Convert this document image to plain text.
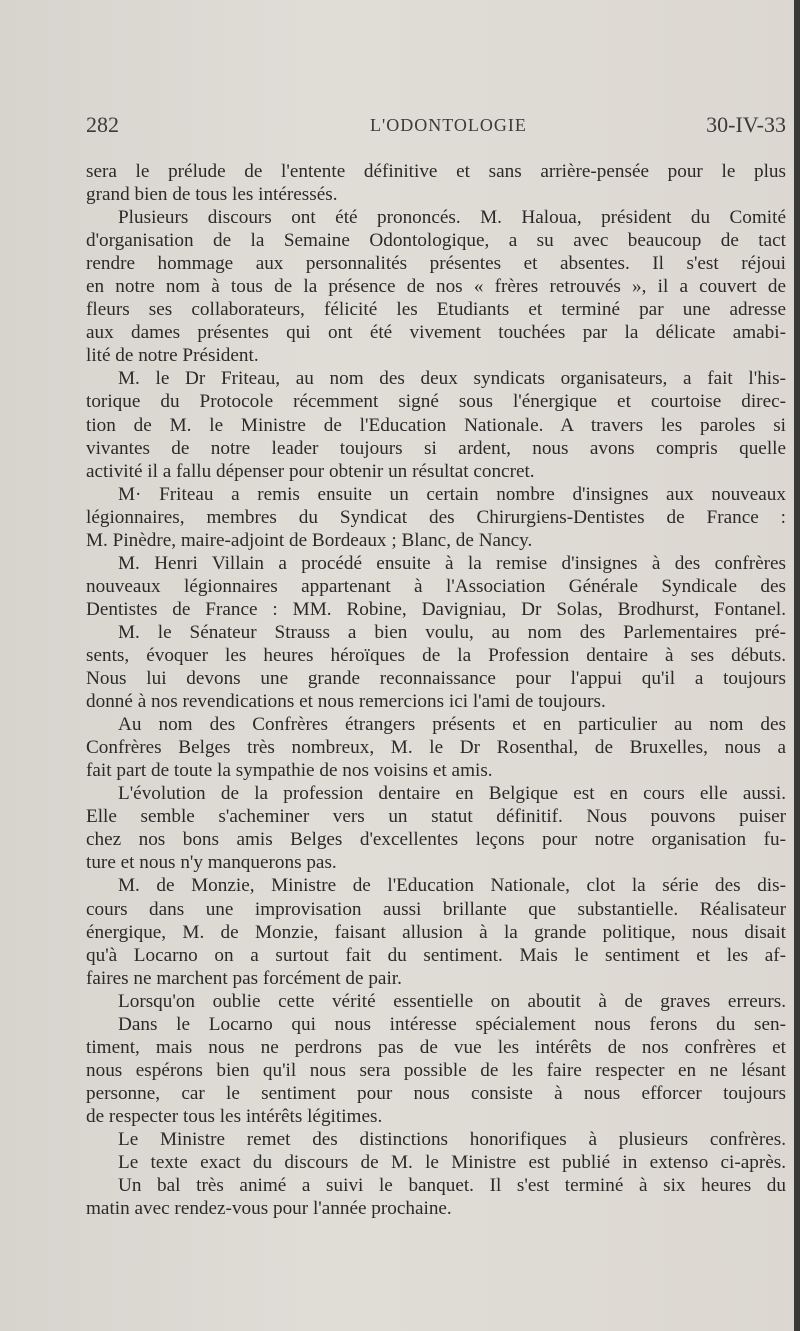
282	L'ODONTOLOGIE	30-IV-33
sera le prélude de l'entente définitive et sans arrière-pensée pour le plus
grand bien de tous les intéressés.
Plusieurs discours ont été prononcés. M. Haloua, président du Comité
d'organisation de la Semaine Odontologique, a su avec beaucoup de tact
rendre hommage aux personnalités présentes et absentes. Il s'est réjoui
en notre nom à tous de la présence de nos « frères retrouvés », il a couvert de
fleurs ses collaborateurs, félicité les Etudiants et terminé par une adresse
aux dames présentes qui ont été vivement touchées par la délicate amabi-
lité de notre Président.
M. le Dr Friteau, au nom des deux syndicats organisateurs, a fait l'his-
torique du Protocole récemment signé sous l'énergique et courtoise direc-
tion de M. le Ministre de l'Education Nationale. A travers les paroles si
vivantes de notre leader toujours si ardent, nous avons compris quelle
activité il a fallu dépenser pour obtenir un résultat concret.
M· Friteau a remis ensuite un certain nombre d'insignes aux nouveaux
légionnaires, membres du Syndicat des Chirurgiens-Dentistes de France :
M. Pinèdre, maire-adjoint de Bordeaux ; Blanc, de Nancy.
M. Henri Villain a procédé ensuite à la remise d'insignes à des confrères
nouveaux légionnaires appartenant à l'Association Générale Syndicale des
Dentistes de France : MM. Robine, Davigniau, Dr Solas, Brodhurst, Fontanel.
M. le Sénateur Strauss a bien voulu, au nom des Parlementaires pré-
sents, évoquer les heures héroïques de la Profession dentaire à ses débuts.
Nous lui devons une grande reconnaissance pour l'appui qu'il a toujours
donné à nos revendications et nous remercions ici l'ami de toujours.
Au nom des Confrères étrangers présents et en particulier au nom des
Confrères Belges très nombreux, M. le Dr Rosenthal, de Bruxelles, nous a
fait part de toute la sympathie de nos voisins et amis.
L'évolution de la profession dentaire en Belgique est en cours elle aussi.
Elle semble s'acheminer vers un statut définitif. Nous pouvons puiser
chez nos bons amis Belges d'excellentes leçons pour notre organisation fu-
ture et nous n'y manquerons pas.
M. de Monzie, Ministre de l'Education Nationale, clot la série des dis-
cours dans une improvisation aussi brillante que substantielle. Réalisateur
énergique, M. de Monzie, faisant allusion à la grande politique, nous disait
qu'à Locarno on a surtout fait du sentiment. Mais le sentiment et les af-
faires ne marchent pas forcément de pair.
Lorsqu'on oublie cette vérité essentielle on aboutit à de graves erreurs.
Dans le Locarno qui nous intéresse spécialement nous ferons du sen-
timent, mais nous ne perdrons pas de vue les intérêts de nos confrères et
nous espérons bien qu'il nous sera possible de les faire respecter en ne lésant
personne, car le sentiment pour nous consiste à nous efforcer toujours
de respecter tous les intérêts légitimes.
Le Ministre remet des distinctions honorifiques à plusieurs confrères.
Le texte exact du discours de M. le Ministre est publié in extenso ci-après.
Un bal très animé a suivi le banquet. Il s'est terminé à six heures du
matin avec rendez-vous pour l'année prochaine.
